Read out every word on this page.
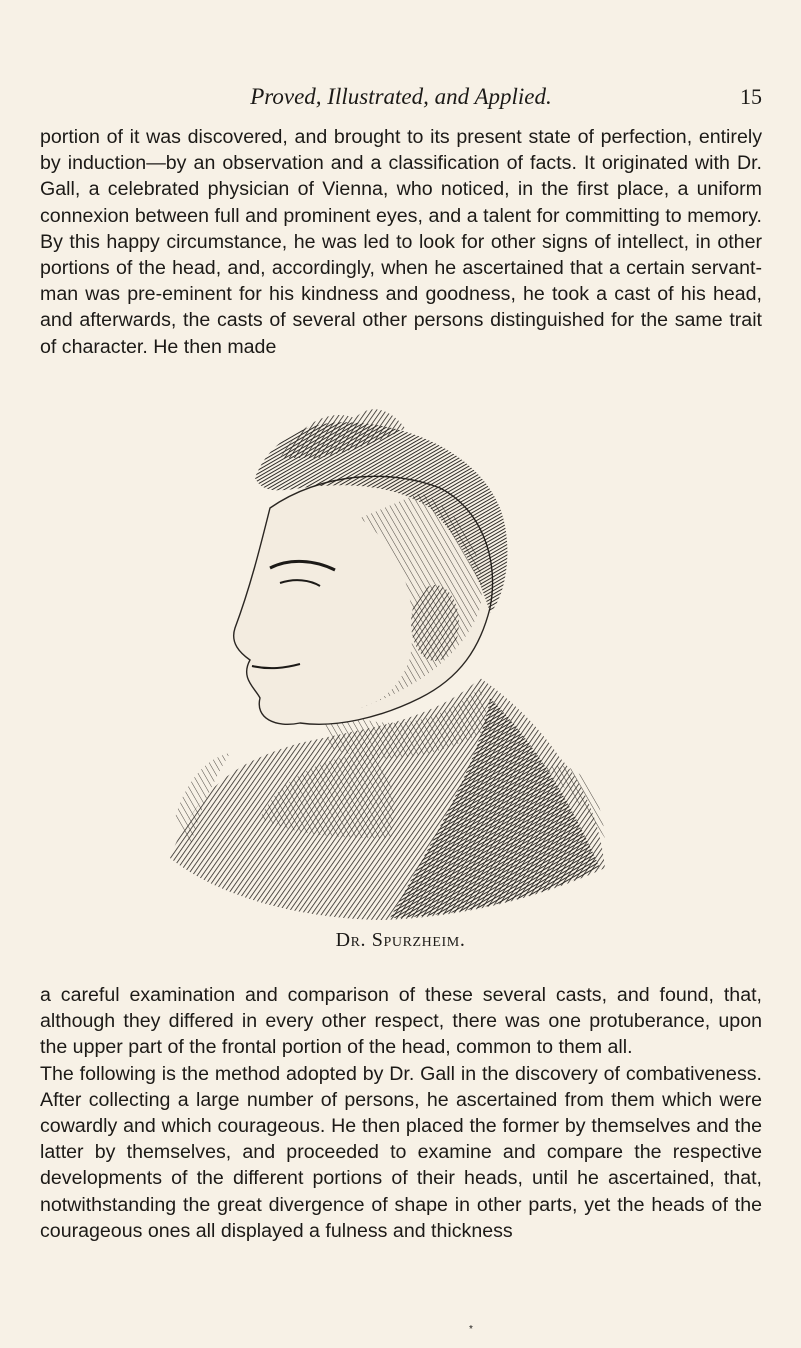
Proved, Illustrated, and Applied.	15

portion of it was discovered, and brought to its present state of perfection, entirely by induction—by an observation and a classification of facts. It originated with Dr. Gall, a celebrated physician of Vienna, who noticed, in the first place, a uniform connexion between full and prominent eyes, and a talent for committing to memory. By this happy circumstance, he was led to look for other signs of intellect, in other portions of the head, and, accordingly, when he ascertained that a certain servant-man was pre-eminent for his kindness and goodness, he took a cast of his head, and afterwards, the casts of several other persons distinguished for the same trait of character. He then made

Dr. Spurzheim.

a careful examination and comparison of these several casts, and found, that, although they differed in every other respect, there was one protuberance, upon the upper part of the frontal portion of the head, common to them all.

The following is the method adopted by Dr. Gall in the discovery of combativeness. After collecting a large number of persons, he ascertained from them which were cowardly and which courageous. He then placed the former by themselves and the latter by themselves, and proceeded to examine and compare the respective developments of the different portions of their heads, until he ascertained, that, notwithstanding the great divergence of shape in other parts, yet the heads of the courageous ones all displayed a fulness and thickness

*
